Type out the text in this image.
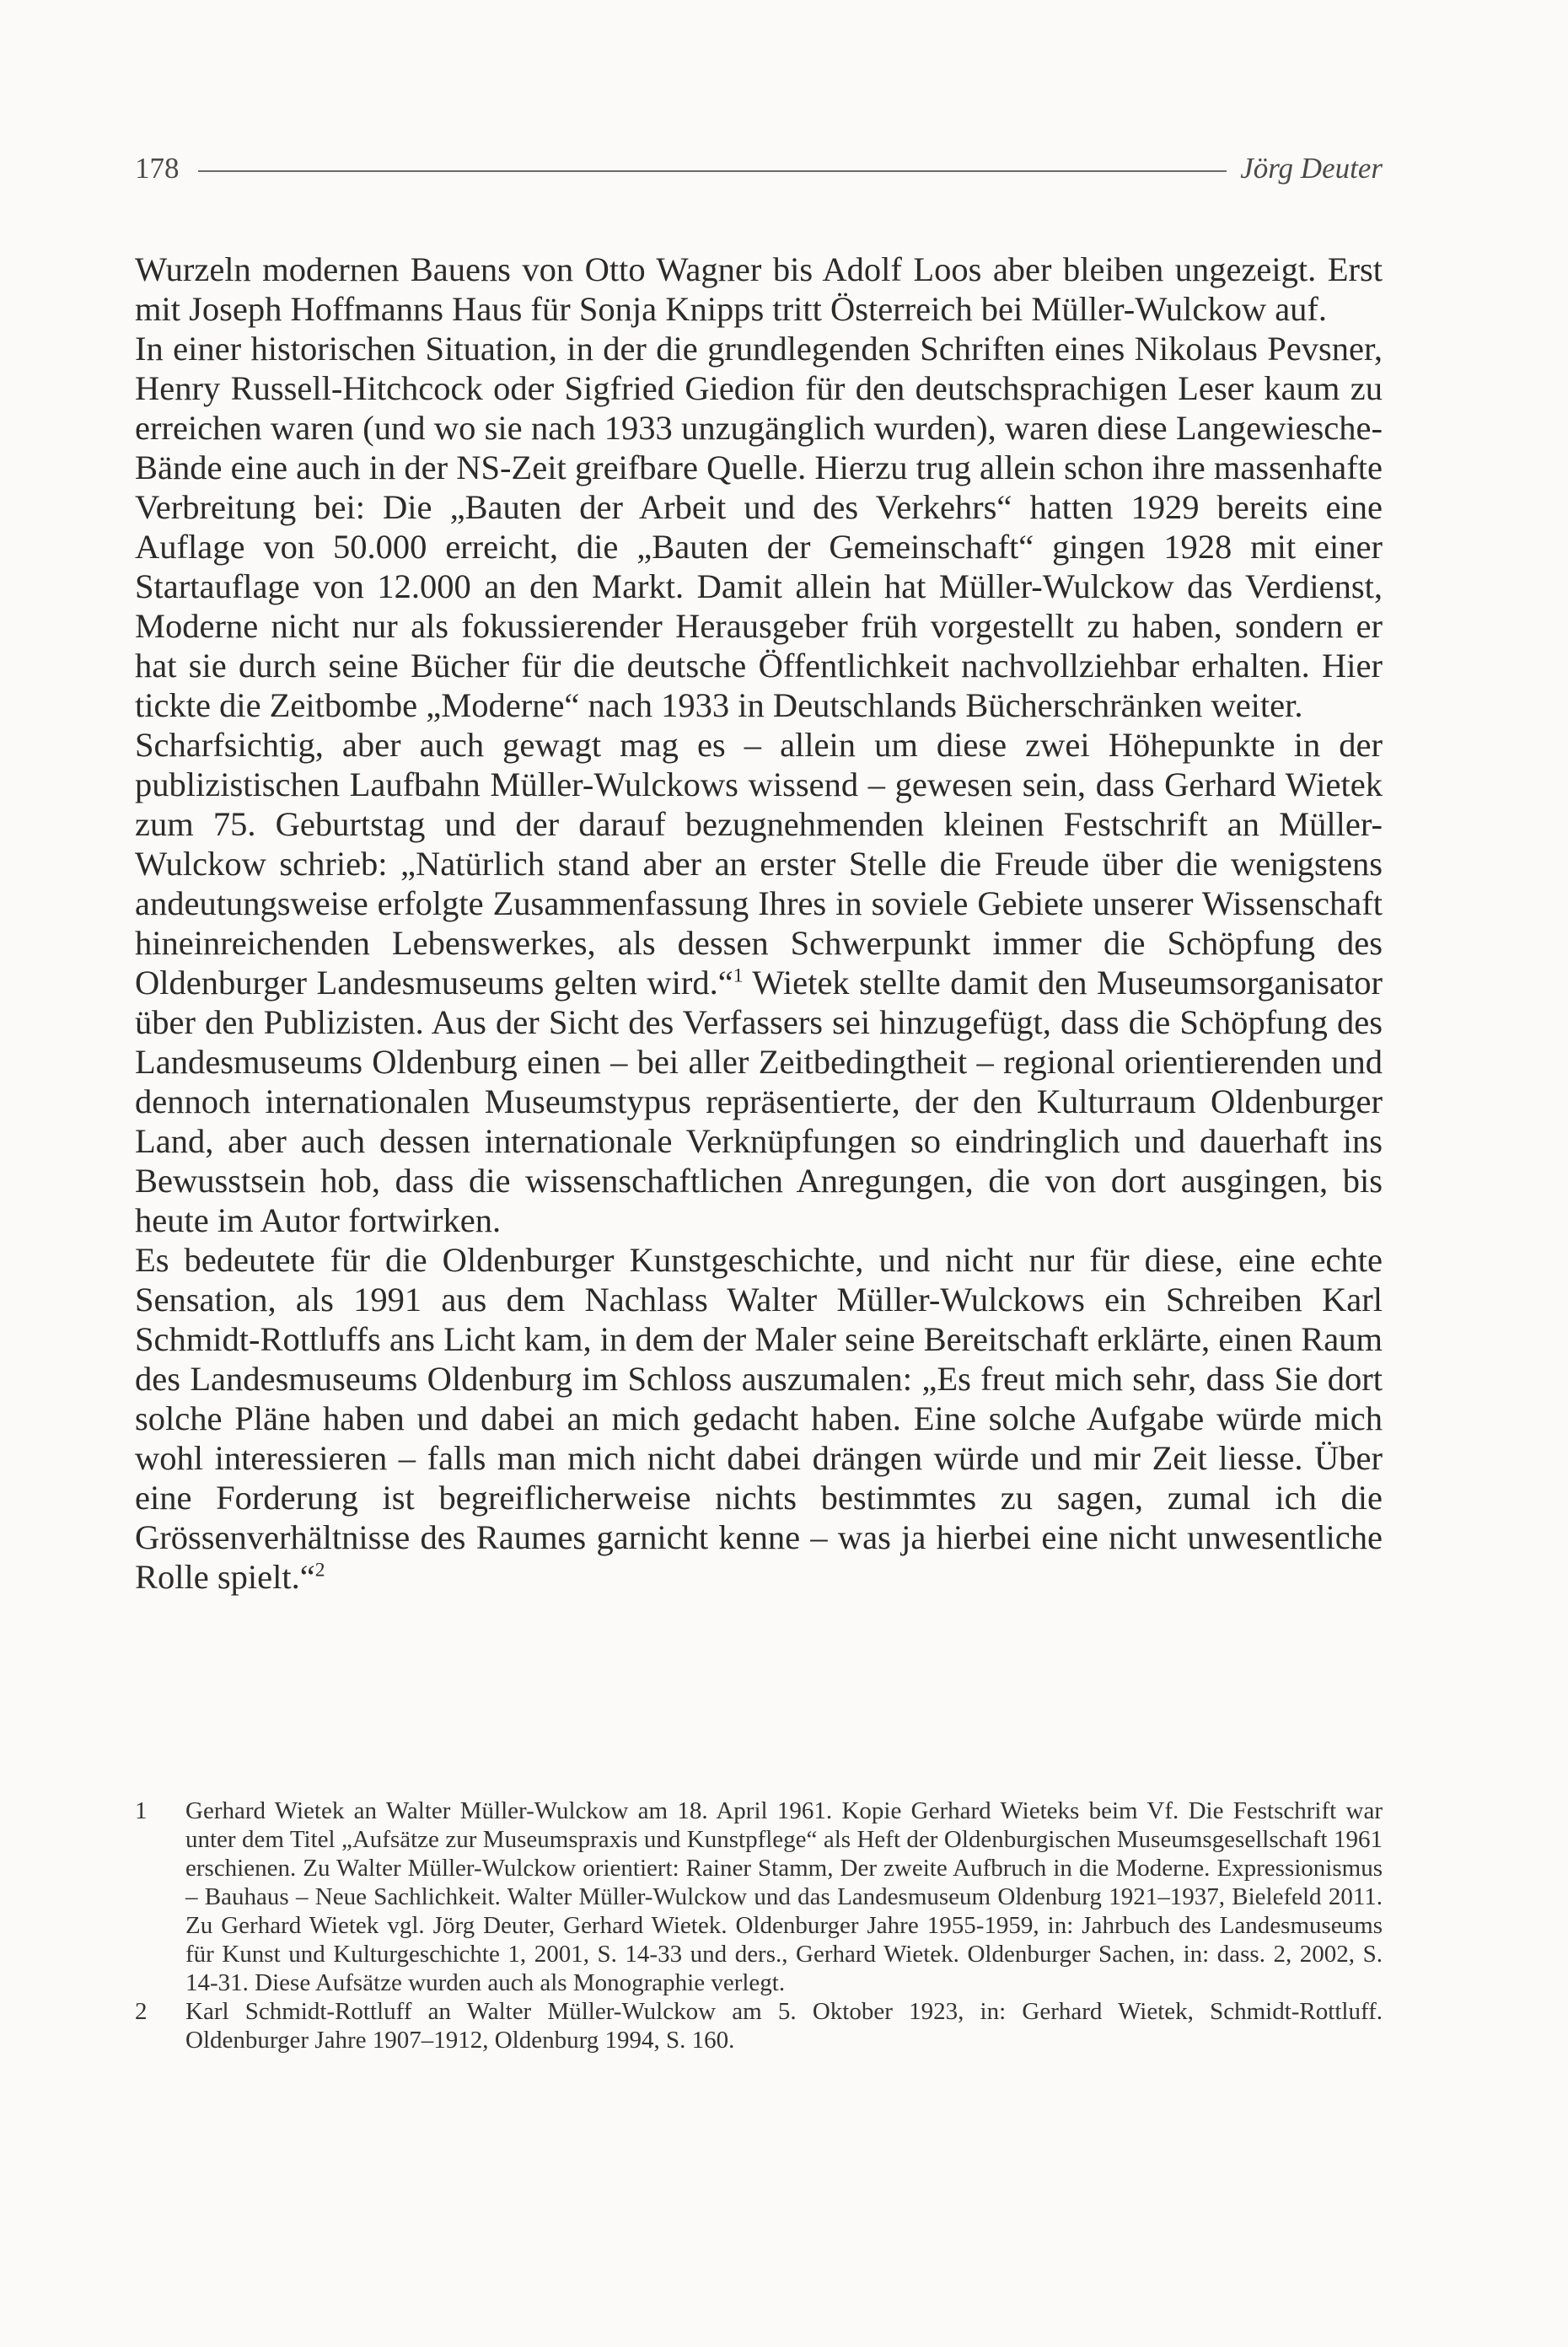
178	Jörg Deuter

Wurzeln modernen Bauens von Otto Wagner bis Adolf Loos aber bleiben ungezeigt. Erst mit Joseph Hoffmanns Haus für Sonja Knipps tritt Österreich bei Müller-Wulckow auf.

In einer historischen Situation, in der die grundlegenden Schriften eines Nikolaus Pevsner, Henry Russell-Hitchcock oder Sigfried Giedion für den deutschsprachigen Leser kaum zu erreichen waren (und wo sie nach 1933 unzugänglich wurden), waren diese Langewiesche-Bände eine auch in der NS-Zeit greifbare Quelle. Hierzu trug allein schon ihre massenhafte Verbreitung bei: Die „Bauten der Arbeit und des Verkehrs“ hatten 1929 bereits eine Auflage von 50.000 erreicht, die „Bauten der Gemeinschaft“ gingen 1928 mit einer Startauflage von 12.000 an den Markt. Damit allein hat Müller-Wulckow das Verdienst, Moderne nicht nur als fokussierender Herausgeber früh vorgestellt zu haben, sondern er hat sie durch seine Bücher für die deutsche Öffentlichkeit nachvollziehbar erhalten. Hier tickte die Zeitbombe „Moderne“ nach 1933 in Deutschlands Bücherschränken weiter.

Scharfsichtig, aber auch gewagt mag es – allein um diese zwei Höhepunkte in der publizistischen Laufbahn Müller-Wulckows wissend – gewesen sein, dass Gerhard Wietek zum 75. Geburtstag und der darauf bezugnehmenden kleinen Festschrift an Müller-Wulckow schrieb: „Natürlich stand aber an erster Stelle die Freude über die wenigstens andeutungsweise erfolgte Zusammenfassung Ihres in soviele Gebiete unserer Wissenschaft hineinreichenden Lebenswerkes, als dessen Schwerpunkt immer die Schöpfung des Oldenburger Landesmuseums gelten wird.“$^1$ Wietek stellte damit den Museumsorganisator über den Publizisten. Aus der Sicht des Verfassers sei hinzugefügt, dass die Schöpfung des Landesmuseums Oldenburg einen – bei aller Zeitbedingtheit – regional orientierenden und dennoch internationalen Museumstypus repräsentierte, der den Kulturraum Oldenburger Land, aber auch dessen internationale Verknüpfungen so eindringlich und dauerhaft ins Bewusstsein hob, dass die wissenschaftlichen Anregungen, die von dort ausgingen, bis heute im Autor fortwirken.

Es bedeutete für die Oldenburger Kunstgeschichte, und nicht nur für diese, eine echte Sensation, als 1991 aus dem Nachlass Walter Müller-Wulckows ein Schreiben Karl Schmidt-Rottluffs ans Licht kam, in dem der Maler seine Bereitschaft erklärte, einen Raum des Landesmuseums Oldenburg im Schloss auszumalen: „Es freut mich sehr, dass Sie dort solche Pläne haben und dabei an mich gedacht haben. Eine solche Aufgabe würde mich wohl interessieren – falls man mich nicht dabei drängen würde und mir Zeit liesse. Über eine Forderung ist begreiflicherweise nichts bestimmtes zu sagen, zumal ich die Grössenverhältnisse des Raumes garnicht kenne – was ja hierbei eine nicht unwesentliche Rolle spielt.“$^2$

1	Gerhard Wietek an Walter Müller-Wulckow am 18. April 1961. Kopie Gerhard Wieteks beim Vf. Die Festschrift war unter dem Titel „Aufsätze zur Museumspraxis und Kunstpflege“ als Heft der Oldenburgischen Museumsgesellschaft 1961 erschienen. Zu Walter Müller-Wulckow orientiert: Rainer Stamm, Der zweite Aufbruch in die Moderne. Expressionismus – Bauhaus – Neue Sachlichkeit. Walter Müller-Wulckow und das Landesmuseum Oldenburg 1921–1937, Bielefeld 2011. Zu Gerhard Wietek vgl. Jörg Deuter, Gerhard Wietek. Oldenburger Jahre 1955-1959, in: Jahrbuch des Landesmuseums für Kunst und Kulturgeschichte 1, 2001, S. 14-33 und ders., Gerhard Wietek. Oldenburger Sachen, in: dass. 2, 2002, S. 14-31. Diese Aufsätze wurden auch als Monographie verlegt.
2	Karl Schmidt-Rottluff an Walter Müller-Wulckow am 5. Oktober 1923, in: Gerhard Wietek, Schmidt-Rottluff. Oldenburger Jahre 1907–1912, Oldenburg 1994, S. 160.
